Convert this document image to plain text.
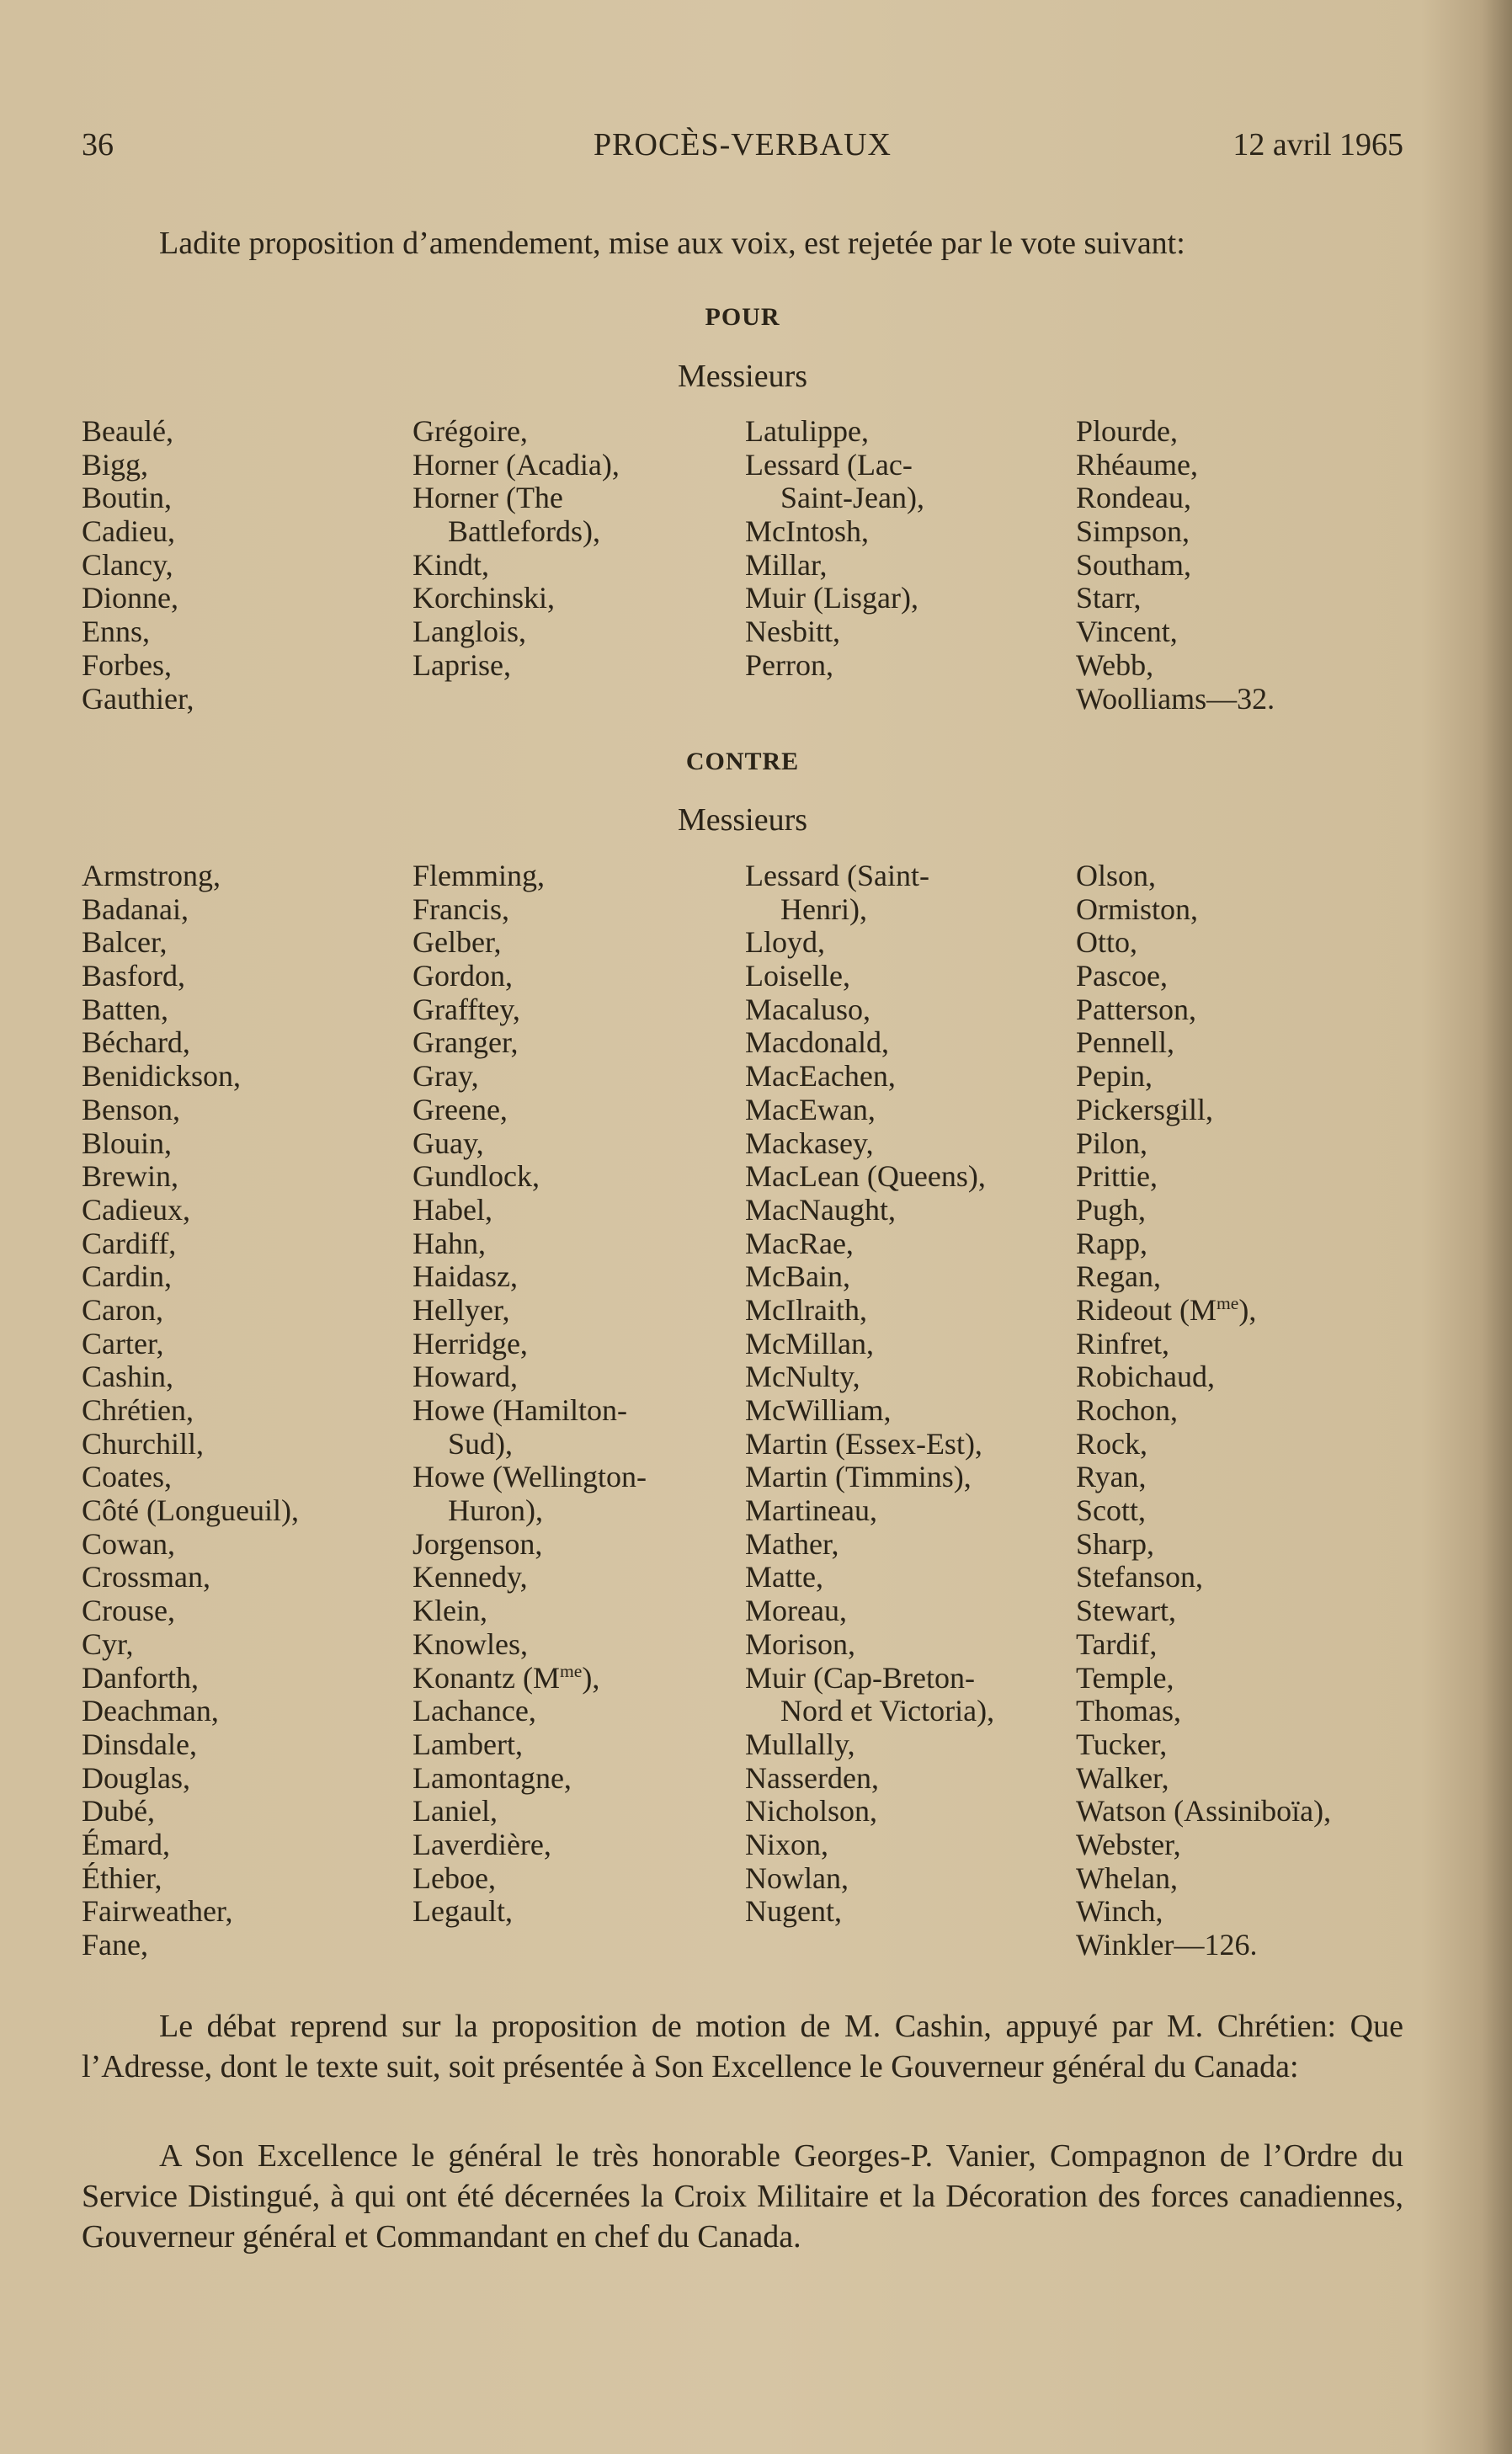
36	PROCÈS-VERBAUX	12 avril 1965
Ladite proposition d’amendement, mise aux voix, est rejetée par le vote suivant:
POUR
Messieurs
Beaulé,
Bigg,
Boutin,
Cadieu,
Clancy,
Dionne,
Enns,
Forbes,
Gauthier,
Grégoire,
Horner (Acadia),
Horner (The
Battlefords),
Kindt,
Korchinski,
Langlois,
Laprise,
Latulippe,
Lessard (Lac-
Saint-Jean),
McIntosh,
Millar,
Muir (Lisgar),
Nesbitt,
Perron,
Plourde,
Rhéaume,
Rondeau,
Simpson,
Southam,
Starr,
Vincent,
Webb,
Woolliams—32.
CONTRE
Messieurs
Armstrong,
Badanai,
Balcer,
Basford,
Batten,
Béchard,
Benidickson,
Benson,
Blouin,
Brewin,
Cadieux,
Cardiff,
Cardin,
Caron,
Carter,
Cashin,
Chrétien,
Churchill,
Coates,
Côté (Longueuil),
Cowan,
Crossman,
Crouse,
Cyr,
Danforth,
Deachman,
Dinsdale,
Douglas,
Dubé,
Émard,
Éthier,
Fairweather,
Fane,
Flemming,
Francis,
Gelber,
Gordon,
Grafftey,
Granger,
Gray,
Greene,
Guay,
Gundlock,
Habel,
Hahn,
Haidasz,
Hellyer,
Herridge,
Howard,
Howe (Hamilton-
Sud),
Howe (Wellington-
Huron),
Jorgenson,
Kennedy,
Klein,
Knowles,
Konantz $(M^{me})$,
Lachance,
Lambert,
Lamontagne,
Laniel,
Laverdière,
Leboe,
Legault,
Lessard (Saint-
Henri),
Lloyd,
Loiselle,
Macaluso,
Macdonald,
MacEachen,
MacEwan,
Mackasey,
MacLean (Queens),
MacNaught,
MacRae,
McBain,
McIlraith,
McMillan,
McNulty,
McWilliam,
Martin (Essex-Est),
Martin (Timmins),
Martineau,
Mather,
Matte,
Moreau,
Morison,
Muir (Cap-Breton-
Nord et Victoria),
Mullally,
Nasserden,
Nicholson,
Nixon,
Nowlan,
Nugent,
Olson,
Ormiston,
Otto,
Pascoe,
Patterson,
Pennell,
Pepin,
Pickersgill,
Pilon,
Prittie,
Pugh,
Rapp,
Regan,
Rideout $(M^{me})$,
Rinfret,
Robichaud,
Rochon,
Rock,
Ryan,
Scott,
Sharp,
Stefanson,
Stewart,
Tardif,
Temple,
Thomas,
Tucker,
Walker,
Watson (Assiniboïa),
Webster,
Whelan,
Winch,
Winkler—126.
Le débat reprend sur la proposition de motion de M. Cashin, appuyé par M. Chrétien: Que l’Adresse, dont le texte suit, soit présentée à Son Excellence le Gouverneur général du Canada:
A Son Excellence le général le très honorable Georges-P. Vanier, Compagnon de l’Ordre du Service Distingué, à qui ont été décernées la Croix Militaire et la Décoration des forces canadiennes, Gouverneur général et Commandant en chef du Canada.
